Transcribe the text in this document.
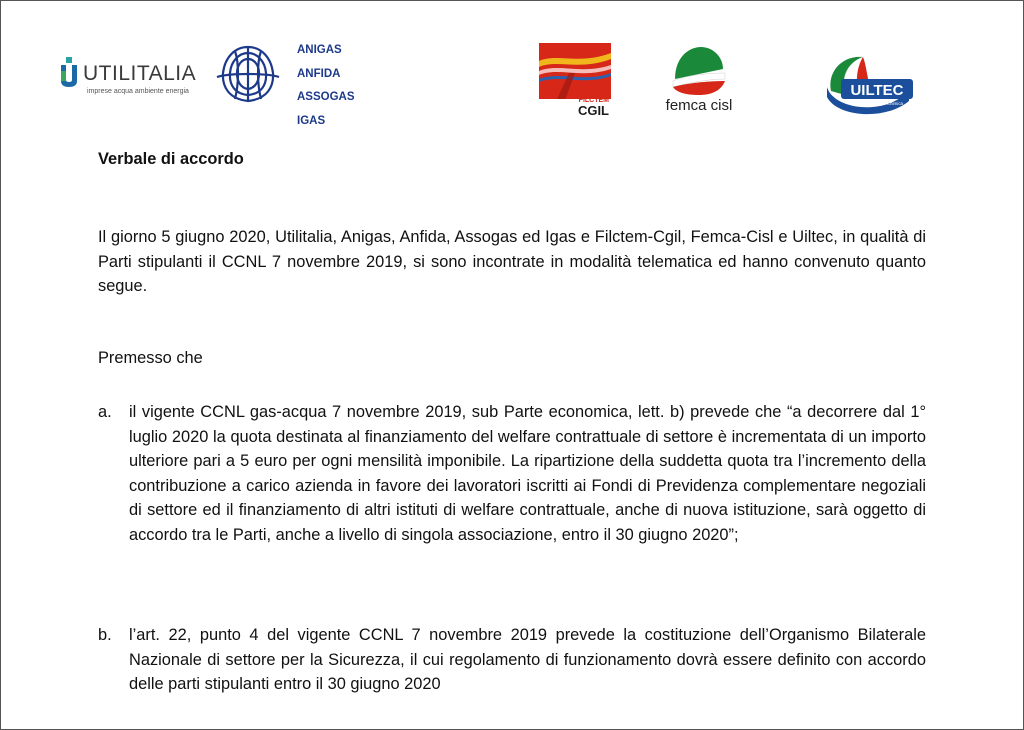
UTILITALIA
imprese acqua ambiente energia
ANIGAS
ANFIDA
ASSOGAS
IGAS
FILCTEM
CGIL	femca cisl
UILTEC
Tessile Energia Chimica
Verbale di accordo
Il giorno 5 giugno 2020, Utilitalia, Anigas, Anfida, Assogas ed Igas e Filctem-Cgil, Femca-Cisl e Uiltec, in qualità di Parti stipulanti il CCNL 7 novembre 2019, si sono incontrate in modalità telematica ed hanno convenuto quanto segue.
Premesso che
a. il vigente CCNL gas-acqua 7 novembre 2019, sub Parte economica, lett. b) prevede che “a decorrere dal 1° luglio 2020 la quota destinata al finanziamento del welfare contrattuale di settore è incrementata di un importo ulteriore pari a 5 euro per ogni mensilità imponibile. La ripartizione della suddetta quota tra l’incremento della contribuzione a carico azienda in favore dei lavoratori iscritti ai Fondi di Previdenza complementare negoziali di settore ed il finanziamento di altri istituti di welfare contrattuale, anche di nuova istituzione, sarà oggetto di accordo tra le Parti, anche a livello di singola associazione, entro il 30 giugno 2020”;
b. l’art. 22, punto 4 del vigente CCNL 7 novembre 2019 prevede la costituzione dell’Organismo Bilaterale Nazionale di settore per la Sicurezza, il cui regolamento di funzionamento dovrà essere definito con accordo delle parti stipulanti entro il 30 giugno 2020
